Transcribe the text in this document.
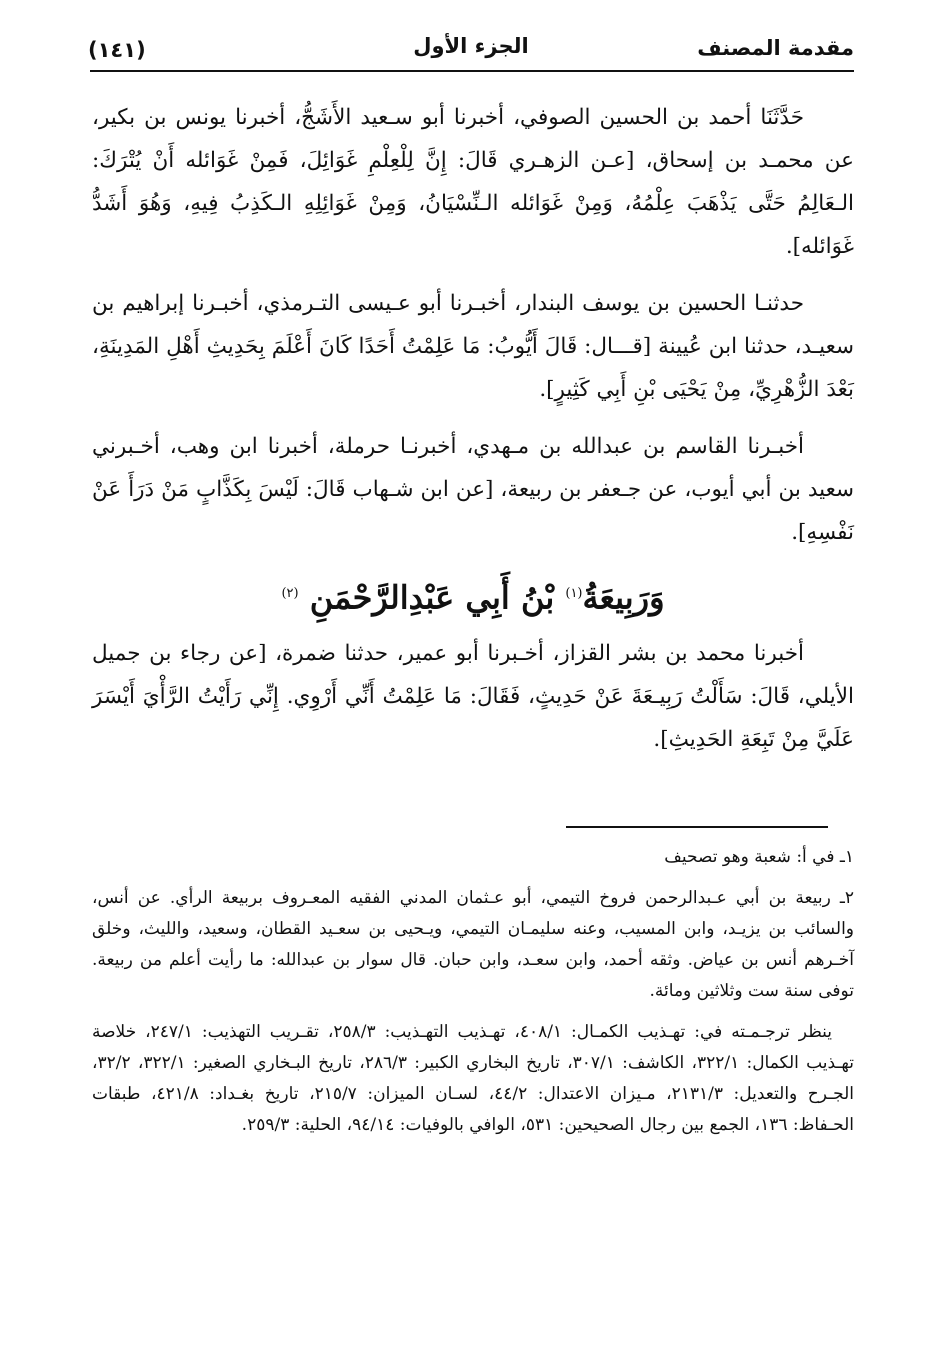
مقدمة المصنف
الجزء الأول
(١٤١)

حَدَّثَنَا أحمد بن الحسين الصوفي، أخبرنا أبو سـعيد الأَشَجُّ، أخبرنا يونس بن بكير، عن محمـد بن إسحاق، [عـن الزهـري قَالَ: إِنَّ لِلْعِلْمِ غَوَائِلَ، فَمِنْ غَوَائله أَنْ يُتْرَكَ: الـعَالِمُ حَتَّى يَذْهَبَ عِلْمُهُ، وَمِنْ غَوَائله الـنِّسْيَانُ، وَمِنْ غَوَائِلِهِ الـكَذِبُ فِيهِ، وَهُوَ أَشَدُّ غَوَائله].

حدثنـا الحسين بن يوسف البندار، أخبـرنا أبو عـيسى التـرمذي، أخبـرنا إبراهيم بن سعيـد، حدثنا ابن عُيينة [قـــال: قَالَ أَيُّوبُ: مَا عَلِمْتُ أَحَدًا كَانَ أَعْلَمَ بِحَدِيثِ أَهْلِ المَدِينَةِ، بَعْدَ الزُّهْرِيِّ، مِنْ يَحْيَى بْنِ أَبِي كَثِيرٍ].

أخبـرنا القاسم بن عبدالله بن مـهدي، أخبرنـا حرملة، أخبرنا ابن وهب، أخـبرني سعيد بن أبي أيوب، عن جـعفر بن ربيعة، [عن ابن شـهاب قَالَ: لَيْسَ بِكَذَّابٍ مَنْ دَرَأَ عَنْ نَفْسِهِ].

وَرَبِيعَةُ$^{(١)}$ بْنُ أَبِي عَبْدِالرَّحْمَنِ $^{(٢)}$

أخبرنا محمد بن بشر القزاز، أخـبرنا أبو عمير، حدثنا ضمرة، [عن رجاء بن جميل الأيلي، قَالَ: سَأَلْتُ رَبِيـعَةَ عَنْ حَدِيثٍ، فَقَالَ: مَا عَلِمْتُ أَنِّي أَرْوِي. إِنِّي رَأَيْتُ الرَّأْيَ أَيْسَرَ عَلَيَّ مِنْ تَبِعَةِ الحَدِيثِ].

١ـ في أ: شعبة وهو تصحيف

٢ـ ربيعة بن أبي عـبدالرحمن فروخ التيمي، أبو عـثمان المدني الفقيه المعـروف بربيعة الرأي. عن أنس، والسائب بن يزيـد، وابن المسيب، وعنه سليمـان التيمي، ويـحيى بن سعـيد القطان، وسعيد، والليث، وخلق آخـرهم أنس بن عياض. وثقه أحمد، وابن سعـد، وابن حبان. قال سوار بن عبدالله: ما رأيت أعلم من ربيعة. توفى سنة ست وثلاثين ومائة.

ينظر ترجـمـته في: تهـذيب الكمـال: ٤٠٨/١، تهـذيب التهـذيب: ٢٥٨/٣، تقـريب التهذيب: ٢٤٧/١، خلاصة تهـذيب الكمال: ٣٢٢/١، الكاشف: ٣٠٧/١، تاريخ البخاري الكبير: ٢٨٦/٣، تاريخ البـخاري الصغير: ٣٢٢/١، ٣٢/٢، الجـرح والتعديل: ٢١٣١/٣، مـيزان الاعتدال: ٤٤/٢، لسـان الميزان: ٢١٥/٧، تاريخ بغـداد: ٤٢١/٨، طبقات الحـفاظ: ١٣٦، الجمع بين رجال الصحيحين: ٥٣١، الوافي بالوفيات: ٩٤/١٤، الحلية: ٢٥٩/٣.
